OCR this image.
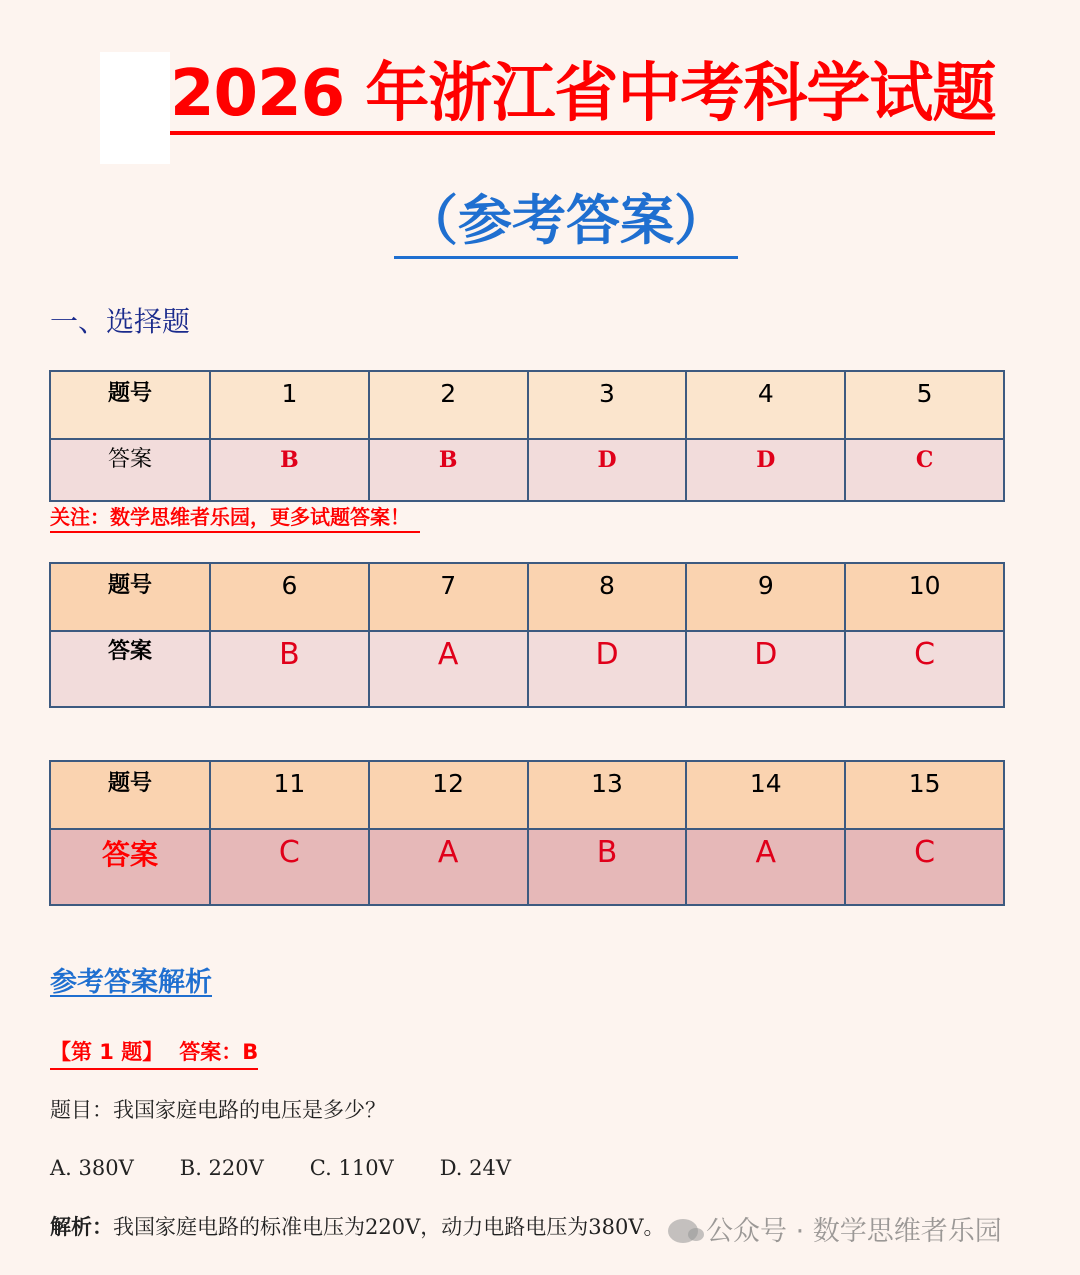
2026 年浙江省中考科学试题
（参考答案）
一、选择题
题号	1	2	3	4	5

答案	B	B	D	D	C

关注：数学思维者乐园，更多试题答案！

题号	6	7	8	9	10

答案	B	A	D	D	C
题号	11	12	13	14	15

答案	C	A	B	A	C
参考答案解析

【第 1 题】 答案：B

题目：我国家庭电路的电压是多少？

A. 380V B. 220V C. 110V D. 24V

解析：我国家庭电路的标准电压为220V，动力电路电压为380V。	公众号 · 数学思维者乐园
